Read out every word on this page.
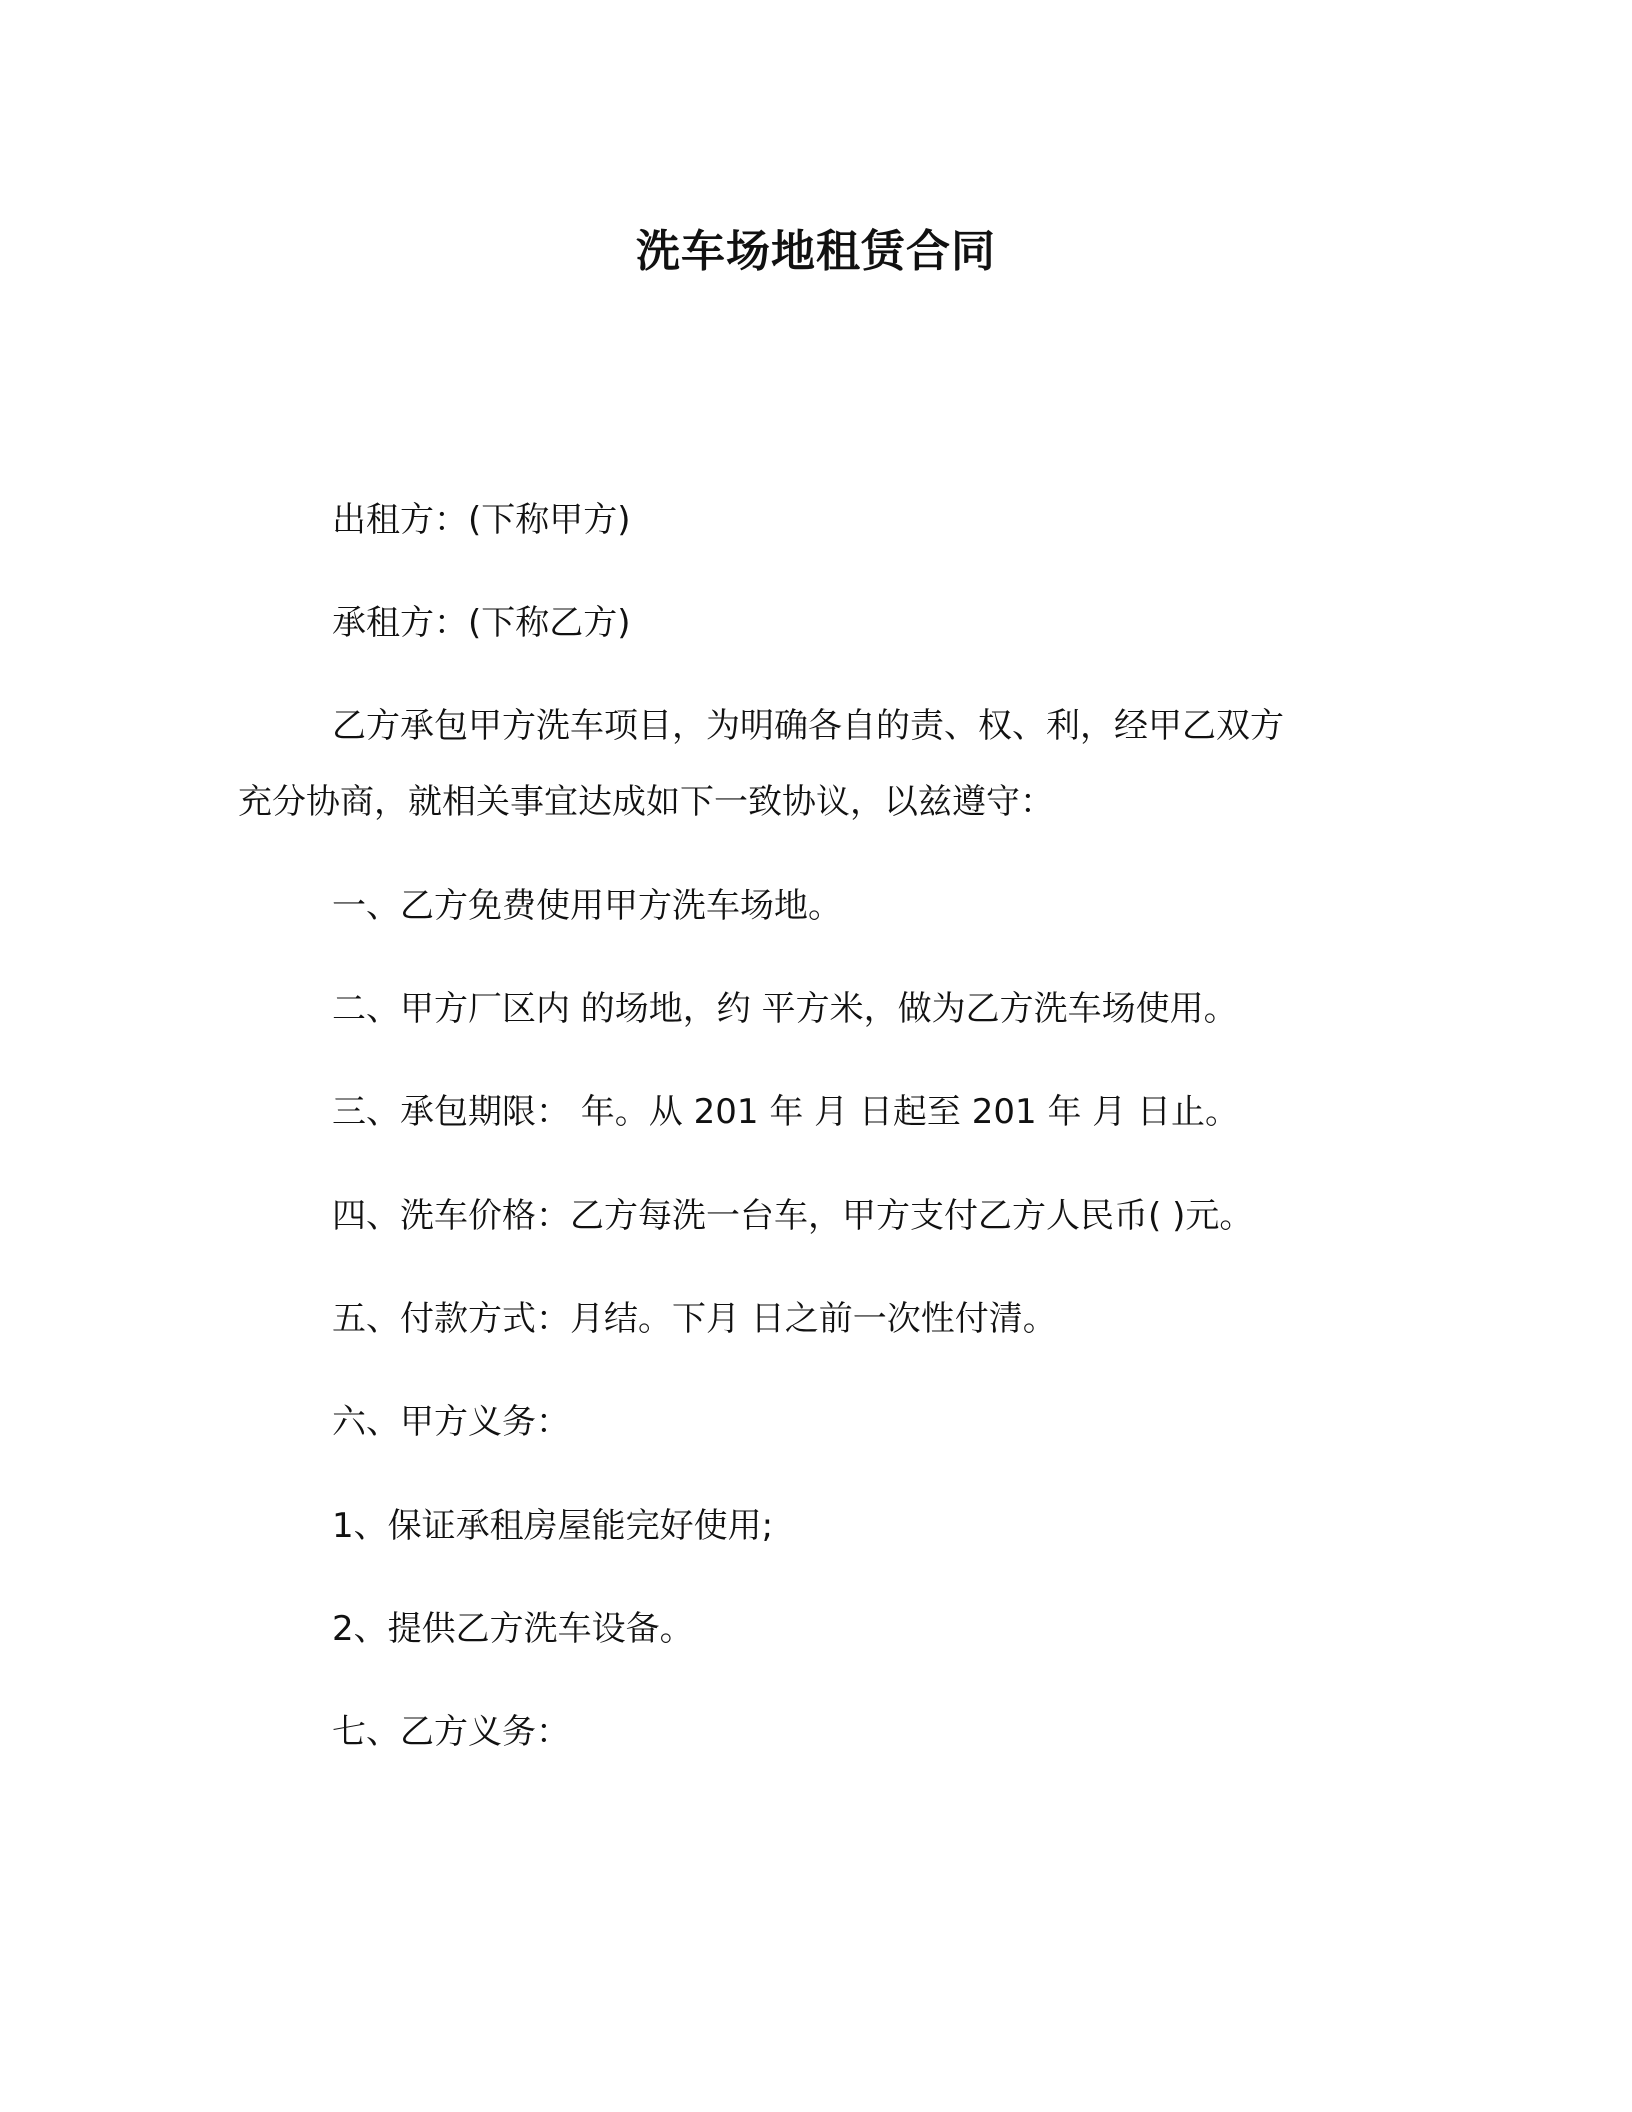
洗车场地租赁合同
出租方：(下称甲方)
承租方：(下称乙方)
乙方承包甲方洗车项目，为明确各自的责、权、利，经甲乙双方
充分协商，就相关事宜达成如下一致协议，以兹遵守：
一、乙方免费使用甲方洗车场地。
二、甲方厂区内 的场地，约 平方米，做为乙方洗车场使用。
三、承包期限： 年。从 201 年 月 日起至 201 年 月 日止。
四、洗车价格：乙方每洗一台车，甲方支付乙方人民币( )元。
五、付款方式：月结。下月 日之前一次性付清。
六、甲方义务：
1、保证承租房屋能完好使用;
2、提供乙方洗车设备。
七、乙方义务：
